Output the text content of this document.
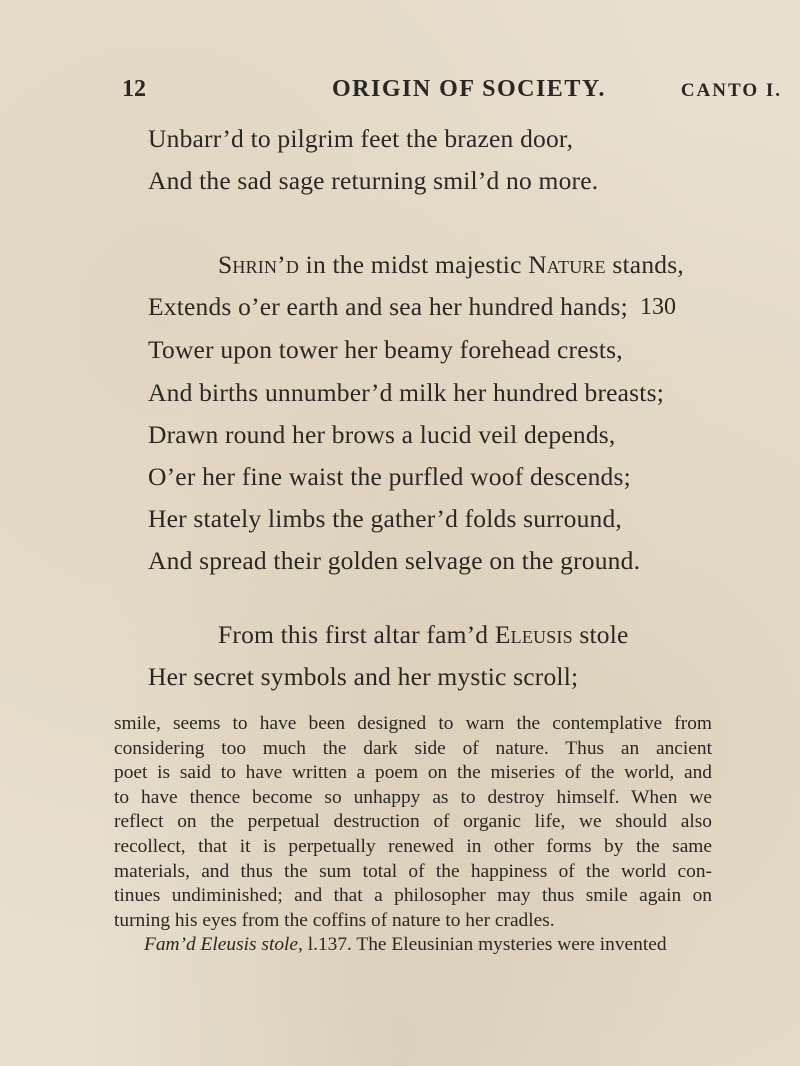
12	ORIGIN OF SOCIETY.	CANTO I.
Unbarr’d to pilgrim feet the brazen door,
And the sad sage returning smil’d no more.
Shrin’d in the midst majestic Nature stands,
Extends o’er earth and sea her hundred hands; 130
Tower upon tower her beamy forehead crests,
And births unnumber’d milk her hundred breasts;
Drawn round her brows a lucid veil depends,
O’er her fine waist the purfled woof descends;
Her stately limbs the gather’d folds surround,
And spread their golden selvage on the ground.
From this first altar fam’d Eleusis stole
Her secret symbols and her mystic scroll;
smile, seems to have been designed to warn the contemplative from
considering too much the dark side of nature. Thus an ancient
poet is said to have written a poem on the miseries of the world, and
to have thence become so unhappy as to destroy himself. When we
reflect on the perpetual destruction of organic life, we should also
recollect, that it is perpetually renewed in other forms by the same
materials, and thus the sum total of the happiness of the world con-
tinues undiminished; and that a philosopher may thus smile again on
turning his eyes from the coffins of nature to her cradles.
Fam’d Eleusis stole, l.137. The Eleusinian mysteries were invented
